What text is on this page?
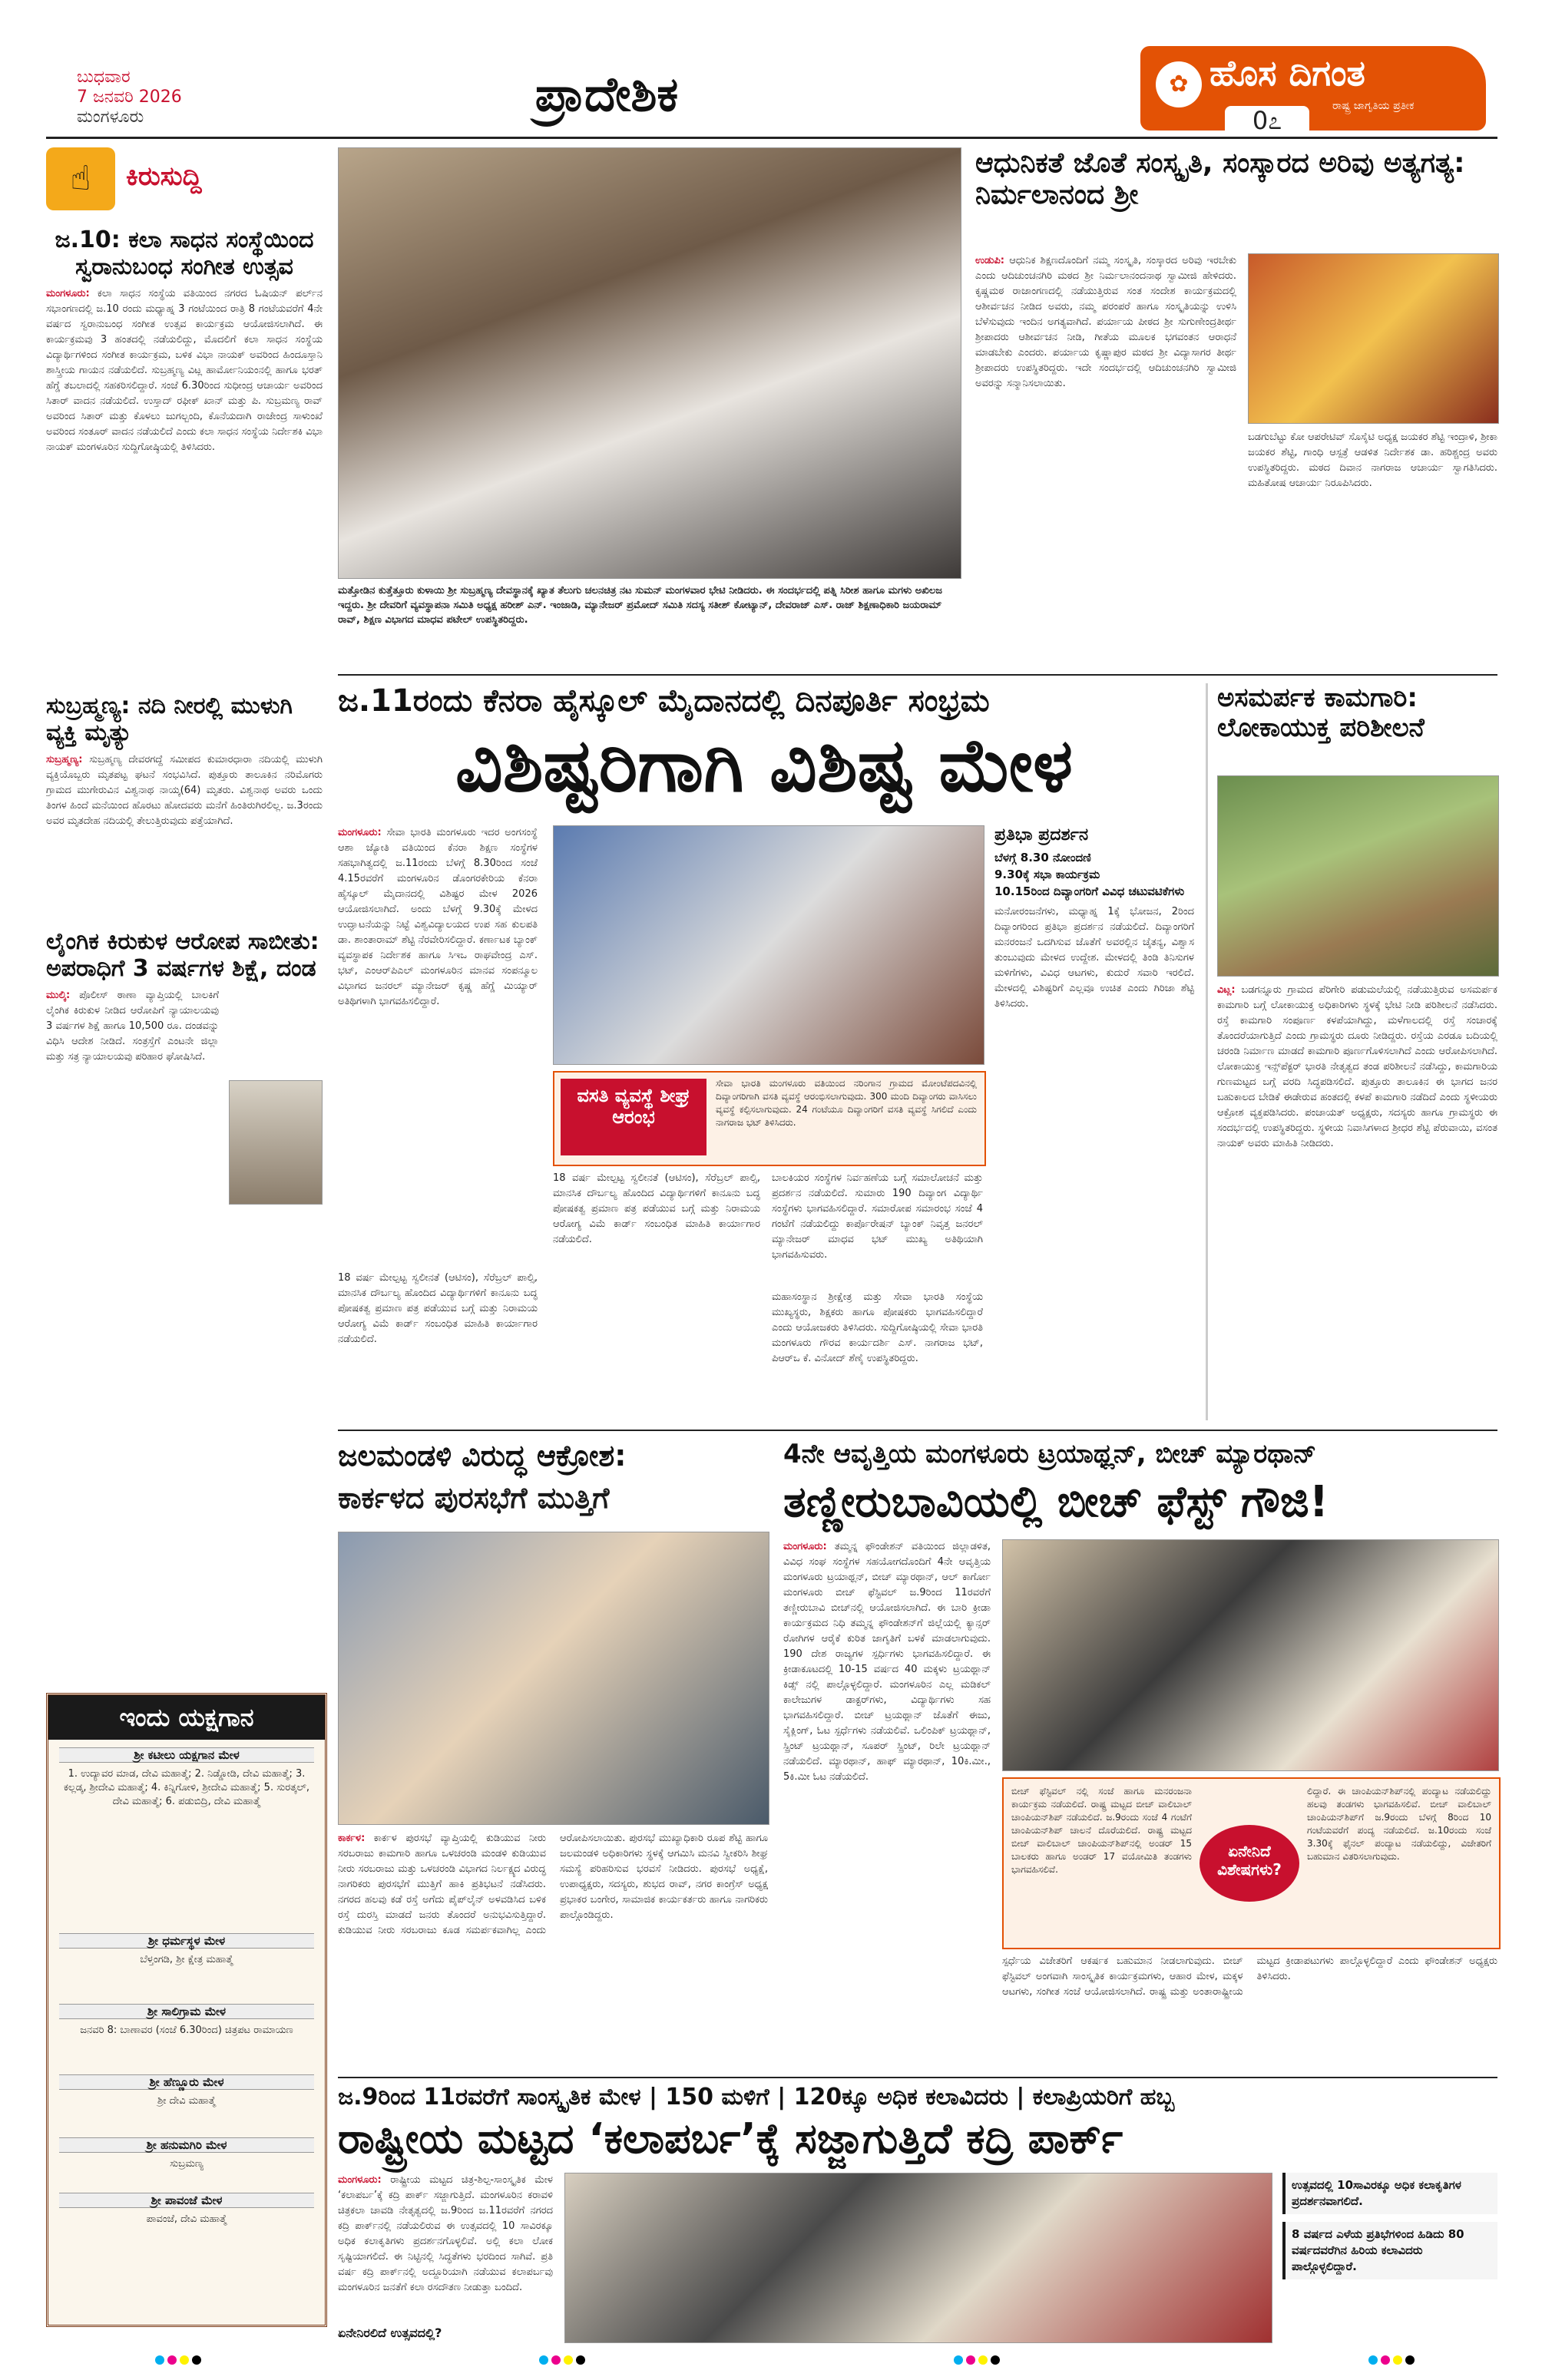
ಬುಧವಾರ
7 ಜನವರಿ 2026
ಮಂಗಳೂರು	ಪ್ರಾದೇಶಿಕ	✿ ಹೊಸ ದಿಗಂತ
ರಾಷ್ಟ್ರ ಜಾಗೃತಿಯ ಪ್ರತೀಕ
0೭
☝	ಕಿರುಸುದ್ದಿ
ಜ.10: ಕಲಾ ಸಾಧನ ಸಂಸ್ಥೆಯಿಂದ ಸ್ವರಾನುಬಂಧ ಸಂಗೀತ ಉತ್ಸವ
ಮಂಗಳೂರು: ಕಲಾ ಸಾಧನ ಸಂಸ್ಥೆಯ ವತಿಯಿಂದ ನಗರದ ಓಷಿಯನ್ ಪರ್ಲ್‌ನ ಸಭಾಂಗಣದಲ್ಲಿ ಜ.10 ರಂದು ಮಧ್ಯಾಹ್ನ 3 ಗಂಟೆಯಿಂದ ರಾತ್ರಿ 8 ಗಂಟೆಯವರೆಗೆ 4ನೇ ವರ್ಷದ ಸ್ವರಾನುಬಂಧ ಸಂಗೀತ ಉತ್ಸವ ಕಾರ್ಯಕ್ರಮ ಆಯೋಜಿಸಲಾಗಿದೆ. ಈ ಕಾರ್ಯಕ್ರಮವು 3 ಹಂತದಲ್ಲಿ ನಡೆಯಲಿದ್ದು, ಮೊದಲಿಗೆ ಕಲಾ ಸಾಧನ ಸಂಸ್ಥೆಯ ವಿದ್ಯಾರ್ಥಿಗಳಿಂದ ಸಂಗೀತ ಕಾರ್ಯಕ್ರಮ, ಬಳಿಕ ವಿಭಾ ನಾಯಕ್ ಅವರಿಂದ ಹಿಂದೂಸ್ತಾನಿ ಶಾಸ್ತ್ರೀಯ ಗಾಯನ ನಡೆಯಲಿದೆ. ಸುಬ್ರಹ್ಮಣ್ಯ ವಿಟ್ಲ ಹಾರ್ಮೋನಿಯಂನಲ್ಲಿ ಹಾಗೂ ಭರತ್ ಹೆಗ್ಡೆ ತಬಲಾದಲ್ಲಿ ಸಹಕರಿಸಲಿದ್ದಾರೆ. ಸಂಜೆ 6.30ರಿಂದ ಸುಧೀಂದ್ರ ಆಚಾರ್ಯ ಅವರಿಂದ ಸಿತಾರ್ ವಾದನ ನಡೆಯಲಿದೆ. ಉಸ್ತಾದ್ ರಫೀಕ್ ಖಾನ್ ಮತ್ತು ಪಿ. ಸುಬ್ರಮಣ್ಯ ರಾವ್ ಅವರಿಂದ ಸಿತಾರ್ ಮತ್ತು ಕೊಳಲು ಜುಗಲ್ಬಂದಿ, ಕೊನೆಯದಾಗಿ ರಾಜೇಂದ್ರ ಸಾಳುಂಖೆ ಅವರಿಂದ ಸಂತೂರ್ ವಾದನ ನಡೆಯಲಿದೆ ಎಂದು ಕಲಾ ಸಾಧನ ಸಂಸ್ಥೆಯ ನಿರ್ದೇಶಕಿ ವಿಭಾ ನಾಯಕ್ ಮಂಗಳೂರಿನ ಸುದ್ದಿಗೋಷ್ಠಿಯಲ್ಲಿ ತಿಳಿಸಿದರು.
ಸುಬ್ರಹ್ಮಣ್ಯ: ನದಿ ನೀರಲ್ಲಿ ಮುಳುಗಿ ವ್ಯಕ್ತಿ ಮೃತ್ಯು
ಸುಬ್ರಹ್ಮಣ್ಯ: ಸುಬ್ರಹ್ಮಣ್ಯ ದೇವರಗದ್ದೆ ಸಮೀಪದ ಕುಮಾರಧಾರಾ ನದಿಯಲ್ಲಿ ಮುಳುಗಿ ವ್ಯಕ್ತಿಯೊಬ್ಬರು ಮೃತಪಟ್ಟ ಘಟನೆ ಸಂಭವಿಸಿದೆ. ಪುತ್ತೂರು ತಾಲೂಕಿನ ನರಿಮೊಗರು ಗ್ರಾಮದ ಮುಗೇರುವಿನ ವಿಶ್ವನಾಥ ನಾಯ್ಕ(64) ಮೃತರು. ವಿಶ್ವನಾಥ ಅವರು ಒಂದು ತಿಂಗಳ ಹಿಂದೆ ಮನೆಯಿಂದ ಹೊರಟು ಹೋದವರು ಮನೆಗೆ ಹಿಂತಿರುಗಿರಲಿಲ್ಲ. ಜ.3ರಂದು ಅವರ ಮೃತದೇಹ ನದಿಯಲ್ಲಿ ತೇಲುತ್ತಿರುವುದು ಪತ್ತೆಯಾಗಿದೆ.
ಲೈಂಗಿಕ ಕಿರುಕುಳ ಆರೋಪ ಸಾಬೀತು: ಅಪರಾಧಿಗೆ 3 ವರ್ಷಗಳ ಶಿಕ್ಷೆ, ದಂಡ
ಮುಲ್ಕಿ: ಪೊಲೀಸ್ ಠಾಣಾ ವ್ಯಾಪ್ತಿಯಲ್ಲಿ ಬಾಲಕಿಗೆ ಲೈಂಗಿಕ ಕಿರುಕುಳ ನೀಡಿದ ಆರೋಪಿಗೆ ನ್ಯಾಯಾಲಯವು 3 ವರ್ಷಗಳ ಶಿಕ್ಷೆ ಹಾಗೂ 10,500 ರೂ. ದಂಡವನ್ನು ವಿಧಿಸಿ ಆದೇಶ ನೀಡಿದೆ. ಸಂತ್ರಸ್ತೆಗೆ ಎಂಟನೇ ಜಿಲ್ಲಾ ಮತ್ತು ಸತ್ರ ನ್ಯಾಯಾಲಯವು ಪರಿಹಾರ ಘೋಷಿಸಿದೆ.
ಇಂದು ಯಕ್ಷಗಾನ
ಶ್ರೀ ಕಟೀಲು ಯಕ್ಷಗಾನ ಮೇಳ
1. ಉದ್ಯಾವರ ಮಾಡ, ದೇವಿ ಮಹಾತ್ಮೆ; 2. ನಿಡ್ಡೋಡಿ, ದೇವಿ ಮಹಾತ್ಮೆ; 3. ಕಲ್ಲಡ್ಕ, ಶ್ರೀದೇವಿ ಮಹಾತ್ಮೆ; 4. ಕಿನ್ನಿಗೋಳಿ, ಶ್ರೀದೇವಿ ಮಹಾತ್ಮೆ; 5. ಸುರತ್ಕಲ್, ದೇವಿ ಮಹಾತ್ಮೆ; 6. ಪಡುಬಿದ್ರಿ, ದೇವಿ ಮಹಾತ್ಮೆ
ಶ್ರೀ ಧರ್ಮಸ್ಥಳ ಮೇಳ
ಬೆಳ್ತಂಗಡಿ, ಶ್ರೀ ಕ್ಷೇತ್ರ ಮಹಾತ್ಮೆ
ಶ್ರೀ ಸಾಲಿಗ್ರಾಮ ಮೇಳ
ಜನವರಿ 8: ಬಾಣಾವರ (ಸಂಜೆ 6.30ರಿಂದ) ಚಿತ್ರಪಟ ರಾಮಾಯಣ
ಶ್ರೀ ಹೆಣ್ಣೂರು ಮೇಳ
ಶ್ರೀ ದೇವಿ ಮಹಾತ್ಮೆ
ಶ್ರೀ ಹನುಮಗಿರಿ ಮೇಳ
ಸುಬ್ರಮಣ್ಯ
ಶ್ರೀ ಪಾವಂಜೆ ಮೇಳ
ಪಾವಂಜೆ, ದೇವಿ ಮಹಾತ್ಮೆ
ಮತ್ತೋಡಿನ ಕುತ್ತೆತ್ತೂರು ಕುಳಾಯಿ ಶ್ರೀ ಸುಬ್ರಹ್ಮಣ್ಯ ದೇವಸ್ಥಾನಕ್ಕೆ ಖ್ಯಾತ ತೆಲುಗು ಚಲನಚಿತ್ರ ನಟ ಸುಮನ್ ಮಂಗಳವಾರ ಭೇಟಿ ನೀಡಿದರು. ಈ ಸಂದರ್ಭದಲ್ಲಿ ಪತ್ನಿ ಸಿರೀಶ ಹಾಗೂ ಮಗಳು ಅಖಿಲಜ ಇದ್ದರು. ಶ್ರೀ ದೇವರಿಗೆ ವ್ಯವಸ್ಥಾಪನಾ ಸಮಿತಿ ಅಧ್ಯಕ್ಷ ಹರೀಶ್ ಎನ್. ಇಂಜಾಡಿ, ಮ್ಯಾನೇಜರ್ ಪ್ರಮೋದ್ ಸಮಿತಿ ಸದಸ್ಯ ಸತೀಶ್ ಕೋಟ್ಯಾನ್, ದೇವರಾಜ್ ಎಸ್. ರಾಜ್ ಶಿಕ್ಷಣಾಧಿಕಾರಿ ಜಯರಾಮ್ ರಾವ್, ಶಿಕ್ಷಣ ವಿಭಾಗದ ಮಾಧವ ಪಟೇಲ್ ಉಪಸ್ಥಿತರಿದ್ದರು.
ಆಧುನಿಕತೆ ಜೊತೆ ಸಂಸ್ಕೃತಿ, ಸಂಸ್ಕಾರದ ಅರಿವು ಅತ್ಯಗತ್ಯ: ನಿರ್ಮಲಾನಂದ ಶ್ರೀ
ಉಡುಪಿ: ಆಧುನಿಕ ಶಿಕ್ಷಣದೊಂದಿಗೆ ನಮ್ಮ ಸಂಸ್ಕೃತಿ, ಸಂಸ್ಕಾರದ ಅರಿವು ಇರಬೇಕು ಎಂದು ಆದಿಚುಂಚನಗಿರಿ ಮಠದ ಶ್ರೀ ನಿರ್ಮಲಾನಂದನಾಥ ಸ್ವಾಮೀಜಿ ಹೇಳಿದರು. ಕೃಷ್ಣಮಠ ರಾಜಾಂಗಣದಲ್ಲಿ ನಡೆಯುತ್ತಿರುವ ಸಂತ ಸಂದೇಶ ಕಾರ್ಯಕ್ರಮದಲ್ಲಿ ಆಶೀರ್ವಚನ ನೀಡಿದ ಅವರು, ನಮ್ಮ ಪರಂಪರೆ ಹಾಗೂ ಸಂಸ್ಕೃತಿಯನ್ನು ಉಳಿಸಿ ಬೆಳೆಸುವುದು ಇಂದಿನ ಅಗತ್ಯವಾಗಿದೆ. ಪರ್ಯಾಯ ಪೀಠದ ಶ್ರೀ ಸುಗುಣೇಂದ್ರತೀರ್ಥ ಶ್ರೀಪಾದರು ಆಶೀರ್ವಚನ ನೀಡಿ, ಗೀತೆಯ ಮೂಲಕ ಭಗವಂತನ ಆರಾಧನೆ ಮಾಡಬೇಕು ಎಂದರು. ಪರ್ಯಾಯ ಕೃಷ್ಣಾಪುರ ಮಠದ ಶ್ರೀ ವಿದ್ಯಾಸಾಗರ ತೀರ್ಥ ಶ್ರೀಪಾದರು ಉಪಸ್ಥಿತರಿದ್ದರು. ಇದೇ ಸಂದರ್ಭದಲ್ಲಿ ಆದಿಚುಂಚನಗಿರಿ ಸ್ವಾಮೀಜಿ ಅವರನ್ನು ಸನ್ಮಾನಿಸಲಾಯಿತು.
ಬಡಗುಬೆಟ್ಟು ಕೋ ಆಪರೇಟಿವ್ ಸೊಸೈಟಿ ಅಧ್ಯಕ್ಷ ಜಯಕರ ಶೆಟ್ಟಿ ಇಂದ್ರಾಳಿ, ಶ್ರೀಕಾ ಜಯಕರ ಶೆಟ್ಟಿ, ಗಾಂಧಿ ಆಸ್ಪತ್ರೆ ಆಡಳಿತ ನಿರ್ದೇಶಕ ಡಾ. ಹರಿಶ್ಚಂದ್ರ ಅವರು ಉಪಸ್ಥಿತರಿದ್ದರು. ಮಠದ ದಿವಾನ ನಾಗರಾಜ ಆಚಾರ್ಯ ಸ್ವಾಗತಿಸಿದರು. ಮಹಿತೋಷ ಆಚಾರ್ಯ ನಿರೂಪಿಸಿದರು.
ಜ.11ರಂದು ಕೆನರಾ ಹೈಸ್ಕೂಲ್ ಮೈದಾನದಲ್ಲಿ ದಿನಪೂರ್ತಿ ಸಂಭ್ರಮ
ವಿಶಿಷ್ಟರಿಗಾಗಿ ವಿಶಿಷ್ಟ ಮೇಳ
ಮಂಗಳೂರು: ಸೇವಾ ಭಾರತಿ ಮಂಗಳೂರು ಇದರ ಅಂಗಸಂಸ್ಥೆ ಆಶಾ ಜ್ಯೋತಿ ವತಿಯಿಂದ ಕೆನರಾ ಶಿಕ್ಷಣ ಸಂಸ್ಥೆಗಳ ಸಹಭಾಗಿತ್ವದಲ್ಲಿ ಜ.11ರಂದು ಬೆಳಗ್ಗೆ 8.30ರಿಂದ ಸಂಜೆ 4.15ರವರೆಗೆ ಮಂಗಳೂರಿನ ಡೊಂಗರಕೇರಿಯ ಕೆನರಾ ಹೈಸ್ಕೂಲ್ ಮೈದಾನದಲ್ಲಿ ವಿಶಿಷ್ಟರ ಮೇಳ 2026 ಆಯೋಜಿಸಲಾಗಿದೆ. ಅಂದು ಬೆಳಗ್ಗೆ 9.30ಕ್ಕೆ ಮೇಳದ ಉದ್ಘಾಟನೆಯನ್ನು ನಿಟ್ಟೆ ವಿಶ್ವವಿದ್ಯಾಲಯದ ಉಪ ಸಹ ಕುಲಪತಿ ಡಾ. ಶಾಂತಾರಾಮ್ ಶೆಟ್ಟಿ ನೆರವೇರಿಸಲಿದ್ದಾರೆ. ಕರ್ಣಾಟಕ ಬ್ಯಾಂಕ್ ವ್ಯವಸ್ಥಾಪಕ ನಿರ್ದೇಶಕ ಹಾಗೂ ಸಿಇಒ ರಾಘವೇಂದ್ರ ಎಸ್. ಭಟ್, ಎಂಆರ್‌ಪಿಎಲ್ ಮಂಗಳೂರಿನ ಮಾನವ ಸಂಪನ್ಮೂಲ ವಿಭಾಗದ ಜನರಲ್ ಮ್ಯಾನೇಜರ್ ಕೃಷ್ಣ ಹೆಗ್ಡೆ ಮಿಯ್ಯಾರ್ ಅತಿಥಿಗಳಾಗಿ ಭಾಗವಹಿಸಲಿದ್ದಾರೆ.
ವಸತಿ ವ್ಯವಸ್ಥೆ ಶೀಘ್ರ ಆರಂಭ
ಸೇವಾ ಭಾರತಿ ಮಂಗಳೂರು ವತಿಯಿಂದ ನರಿಂಗಾನ ಗ್ರಾಮದ ಮೋಂಟೆಪದವಿನಲ್ಲಿ ದಿವ್ಯಾಂಗರಿಗಾಗಿ ವಸತಿ ವ್ಯವಸ್ಥೆ ಆರಂಭಿಸಲಾಗುವುದು. 300 ಮಂದಿ ದಿವ್ಯಾಂಗರು ವಾಸಿಸಲು ವ್ಯವಸ್ಥೆ ಕಲ್ಪಿಸಲಾಗುವುದು. 24 ಗಂಟೆಯೂ ದಿವ್ಯಾಂಗರಿಗೆ ವಸತಿ ವ್ಯವಸ್ಥೆ ಸಿಗಲಿದೆ ಎಂದು ನಾಗರಾಜ ಭಟ್ ತಿಳಿಸಿದರು.
18 ವರ್ಷ ಮೇಲ್ಪಟ್ಟ ಸ್ವಲೀನತೆ (ಆಟಿಸಂ), ಸೆರೆಬ್ರಲ್ ಪಾಲ್ಸಿ, ಮಾನಸಿಕ ದೌರ್ಬಲ್ಯ ಹೊಂದಿದ ವಿದ್ಯಾರ್ಥಿಗಳಿಗೆ ಕಾನೂನು ಬದ್ಧ ಪೋಷಕತ್ವ ಪ್ರಮಾಣ ಪತ್ರ ಪಡೆಯುವ ಬಗ್ಗೆ ಮತ್ತು ನಿರಾಮಯ ಆರೋಗ್ಯ ವಿಮೆ ಕಾರ್ಡ್ ಸಂಬಂಧಿತ ಮಾಹಿತಿ ಕಾರ್ಯಾಗಾರ ನಡೆಯಲಿದೆ.
ಬಾಲಕಿಯರ ಸಂಸ್ಥೆಗಳ ನಿರ್ವಹಣೆಯ ಬಗ್ಗೆ ಸಮಾಲೋಚನೆ ಮತ್ತು ಪ್ರದರ್ಶನ ನಡೆಯಲಿದೆ. ಸುಮಾರು 190 ದಿವ್ಯಾಂಗ ವಿದ್ಯಾರ್ಥಿ ಸಂಸ್ಥೆಗಳು ಭಾಗವಹಿಸಲಿದ್ದಾರೆ. ಸಮಾರೋಪ ಸಮಾರಂಭ ಸಂಜೆ 4 ಗಂಟೆಗೆ ನಡೆಯಲಿದ್ದು ಕಾರ್ಪೊರೇಷನ್ ಬ್ಯಾಂಕ್ ನಿವೃತ್ತ ಜನರಲ್ ಮ್ಯಾನೇಜರ್ ಮಾಧವ ಭಟ್ ಮುಖ್ಯ ಅತಿಥಿಯಾಗಿ ಭಾಗವಹಿಸುವರು.
ಮಹಾಸಂಸ್ಥಾನ ಶ್ರೀಕ್ಷೇತ್ರ ಮತ್ತು ಸೇವಾ ಭಾರತಿ ಸಂಸ್ಥೆಯ ಮುಖ್ಯಸ್ಥರು, ಶಿಕ್ಷಕರು ಹಾಗೂ ಪೋಷಕರು ಭಾಗವಹಿಸಲಿದ್ದಾರೆ ಎಂದು ಆಯೋಜಕರು ತಿಳಿಸಿದರು. ಸುದ್ದಿಗೋಷ್ಠಿಯಲ್ಲಿ ಸೇವಾ ಭಾರತಿ ಮಂಗಳೂರು ಗೌರವ ಕಾರ್ಯದರ್ಶಿ ಎಸ್. ನಾಗರಾಜ ಭಟ್, ಪಿಆರ್‌ಒ ಕೆ. ವಿನೋದ್ ಶೆಣೈ ಉಪಸ್ಥಿತರಿದ್ದರು.
18 ವರ್ಷ ಮೇಲ್ಪಟ್ಟ ಸ್ವಲೀನತೆ (ಆಟಿಸಂ), ಸೆರೆಬ್ರಲ್ ಪಾಲ್ಸಿ, ಮಾನಸಿಕ ದೌರ್ಬಲ್ಯ ಹೊಂದಿದ ವಿದ್ಯಾರ್ಥಿಗಳಿಗೆ ಕಾನೂನು ಬದ್ಧ ಪೋಷಕತ್ವ ಪ್ರಮಾಣ ಪತ್ರ ಪಡೆಯುವ ಬಗ್ಗೆ ಮತ್ತು ನಿರಾಮಯ ಆರೋಗ್ಯ ವಿಮೆ ಕಾರ್ಡ್ ಸಂಬಂಧಿತ ಮಾಹಿತಿ ಕಾರ್ಯಾಗಾರ ನಡೆಯಲಿದೆ.
ಪ್ರತಿಭಾ ಪ್ರದರ್ಶನ
ಬೆಳಗ್ಗೆ 8.30 ನೋಂದಣಿ
9.30ಕ್ಕೆ ಸಭಾ ಕಾರ್ಯಕ್ರಮ
10.15ರಿಂದ ದಿವ್ಯಾಂಗರಿಗೆ ವಿವಿಧ ಚಟುವಟಿಕೆಗಳು
ಮನೋರಂಜನೆಗಳು, ಮಧ್ಯಾಹ್ನ 1ಕ್ಕೆ ಭೋಜನ, 2ರಿಂದ ದಿವ್ಯಾಂಗರಿಂದ ಪ್ರತಿಭಾ ಪ್ರದರ್ಶನ ನಡೆಯಲಿದೆ. ದಿವ್ಯಾಂಗರಿಗೆ ಮನರಂಜನೆ ಒದಗಿಸುವ ಜೊತೆಗೆ ಅವರಲ್ಲಿನ ಚೈತನ್ಯ, ವಿಶ್ವಾಸ ತುಂಬುವುದು ಮೇಳದ ಉದ್ದೇಶ. ಮೇಳದಲ್ಲಿ ತಿಂಡಿ ತಿನಿಸುಗಳ ಮಳಿಗೆಗಳು, ವಿವಿಧ ಆಟಗಳು, ಕುದುರೆ ಸವಾರಿ ಇರಲಿದೆ. ಮೇಳದಲ್ಲಿ ವಿಶಿಷ್ಟರಿಗೆ ಎಲ್ಲವೂ ಉಚಿತ ಎಂದು ಗಿರಿಜಾ ಶೆಟ್ಟಿ ತಿಳಿಸಿದರು.
ಅಸಮರ್ಪಕ ಕಾಮಗಾರಿ: ಲೋಕಾಯುಕ್ತ ಪರಿಶೀಲನೆ
ವಿಟ್ಲ: ಬಡಗನ್ನೂರು ಗ್ರಾಮದ ಪೆರಿಗೇರಿ ಪಡುಮಲೆಯಲ್ಲಿ ನಡೆಯುತ್ತಿರುವ ಅಸಮರ್ಪಕ ಕಾಮಗಾರಿ ಬಗ್ಗೆ ಲೋಕಾಯುಕ್ತ ಅಧಿಕಾರಿಗಳು ಸ್ಥಳಕ್ಕೆ ಭೇಟಿ ನೀಡಿ ಪರಿಶೀಲನೆ ನಡೆಸಿದರು. ರಸ್ತೆ ಕಾಮಗಾರಿ ಸಂಪೂರ್ಣ ಕಳಪೆಯಾಗಿದ್ದು, ಮಳೆಗಾಲದಲ್ಲಿ ರಸ್ತೆ ಸಂಚಾರಕ್ಕೆ ತೊಂದರೆಯಾಗುತ್ತಿದೆ ಎಂದು ಗ್ರಾಮಸ್ಥರು ದೂರು ನೀಡಿದ್ದರು. ರಸ್ತೆಯ ಎರಡೂ ಬದಿಯಲ್ಲಿ ಚರಂಡಿ ನಿರ್ಮಾಣ ಮಾಡದೆ ಕಾಮಗಾರಿ ಪೂರ್ಣಗೊಳಿಸಲಾಗಿದೆ ಎಂದು ಆರೋಪಿಸಲಾಗಿದೆ. ಲೋಕಾಯುಕ್ತ ಇನ್ಸ್‌ಪೆಕ್ಟರ್ ಭಾರತಿ ನೇತೃತ್ವದ ತಂಡ ಪರಿಶೀಲನೆ ನಡೆಸಿದ್ದು, ಕಾಮಗಾರಿಯ ಗುಣಮಟ್ಟದ ಬಗ್ಗೆ ವರದಿ ಸಿದ್ಧಪಡಿಸಲಿದೆ. ಪುತ್ತೂರು ತಾಲೂಕಿನ ಈ ಭಾಗದ ಜನರ ಬಹುಕಾಲದ ಬೇಡಿಕೆ ಈಡೇರುವ ಹಂತದಲ್ಲಿ ಕಳಪೆ ಕಾಮಗಾರಿ ನಡೆದಿದೆ ಎಂದು ಸ್ಥಳೀಯರು ಆಕ್ರೋಶ ವ್ಯಕ್ತಪಡಿಸಿದರು. ಪಂಚಾಯತ್ ಅಧ್ಯಕ್ಷರು, ಸದಸ್ಯರು ಹಾಗೂ ಗ್ರಾಮಸ್ಥರು ಈ ಸಂದರ್ಭದಲ್ಲಿ ಉಪಸ್ಥಿತರಿದ್ದರು. ಸ್ಥಳೀಯ ನಿವಾಸಿಗಳಾದ ಶ್ರೀಧರ ಶೆಟ್ಟಿ ಪೆರುವಾಯಿ, ವಸಂತ ನಾಯಕ್ ಅವರು ಮಾಹಿತಿ ನೀಡಿದರು.
ಜಲಮಂಡಳಿ ವಿರುದ್ಧ ಆಕ್ರೋಶ:
ಕಾರ್ಕಳದ ಪುರಸಭೆಗೆ ಮುತ್ತಿಗೆ
ಕಾರ್ಕಳ: ಕಾರ್ಕಳ ಪುರಸಭೆ ವ್ಯಾಪ್ತಿಯಲ್ಲಿ ಕುಡಿಯುವ ನೀರು ಸರಬರಾಜು ಕಾಮಗಾರಿ ಹಾಗೂ ಒಳಚರಂಡಿ ಮಂಡಳಿ ಕುಡಿಯುವ ನೀರು ಸರಬರಾಜು ಮತ್ತು ಒಳಚರಂಡಿ ವಿಭಾಗದ ನಿರ್ಲಕ್ಷ್ಯದ ವಿರುದ್ಧ ನಾಗರಿಕರು ಪುರಸಭೆಗೆ ಮುತ್ತಿಗೆ ಹಾಕಿ ಪ್ರತಿಭಟನೆ ನಡೆಸಿದರು. ನಗರದ ಹಲವು ಕಡೆ ರಸ್ತೆ ಅಗೆದು ಪೈಪ್‌ಲೈನ್ ಅಳವಡಿಸಿದ ಬಳಿಕ ರಸ್ತೆ ದುರಸ್ತಿ ಮಾಡದೆ ಜನರು ತೊಂದರೆ ಅನುಭವಿಸುತ್ತಿದ್ದಾರೆ. ಕುಡಿಯುವ ನೀರು ಸರಬರಾಜು ಕೂಡ ಸಮರ್ಪಕವಾಗಿಲ್ಲ ಎಂದು ಆರೋಪಿಸಲಾಯಿತು. ಪುರಸಭೆ ಮುಖ್ಯಾಧಿಕಾರಿ ರೂಪ ಶೆಟ್ಟಿ ಹಾಗೂ ಜಲಮಂಡಳಿ ಅಧಿಕಾರಿಗಳು ಸ್ಥಳಕ್ಕೆ ಆಗಮಿಸಿ ಮನವಿ ಸ್ವೀಕರಿಸಿ ಶೀಘ್ರ ಸಮಸ್ಯೆ ಪರಿಹರಿಸುವ ಭರವಸೆ ನೀಡಿದರು. ಪುರಸಭೆ ಅಧ್ಯಕ್ಷೆ, ಉಪಾಧ್ಯಕ್ಷರು, ಸದಸ್ಯರು, ಶುಭದ ರಾವ್, ನಗರ ಕಾಂಗ್ರೆಸ್ ಅಧ್ಯಕ್ಷ ಪ್ರಭಾಕರ ಬಂಗೇರ, ಸಾಮಾಜಿಕ ಕಾರ್ಯಕರ್ತರು ಹಾಗೂ ನಾಗರಿಕರು ಪಾಲ್ಗೊಂಡಿದ್ದರು.
4ನೇ ಆವೃತ್ತಿಯ ಮಂಗಳೂರು ಟ್ರಯಾಥ್ಲನ್, ಬೀಚ್ ಮ್ಯಾರಥಾನ್
ತಣ್ಣೀರುಬಾವಿಯಲ್ಲಿ ಬೀಚ್ ಫೆಸ್ಟ್ ಗೌಜಿ!
ಮಂಗಳೂರು: ತಮ್ಮನ್ನ ಫೌಂಡೇಶನ್ ವತಿಯಿಂದ ಜಿಲ್ಲಾಡಳಿತ, ವಿವಿಧ ಸಂಘ ಸಂಸ್ಥೆಗಳ ಸಹಯೋಗದೊಂದಿಗೆ 4ನೇ ಆವೃತ್ತಿಯ ಮಂಗಳೂರು ಟ್ರಯಾಥ್ಲನ್, ಬೀಚ್ ಮ್ಯಾರಥಾನ್, ಆಲ್ ಕಾರ್ಗೋ ಮಂಗಳೂರು ಬೀಚ್ ಫೆಸ್ಟಿವಲ್ ಜ.9ರಿಂದ 11ರವರೆಗೆ ತಣ್ಣೀರುಬಾವಿ ಬೀಚ್‌ನಲ್ಲಿ ಆಯೋಜಿಸಲಾಗಿದೆ. ಈ ಬಾರಿ ಕ್ರೀಡಾ ಕಾರ್ಯಕ್ರಮದ ನಿಧಿ ತಮ್ಮನ್ನ ಫೌಂಡೇಶನ್‌ಗೆ ಜಿಲ್ಲೆಯಲ್ಲಿ ಕ್ಯಾನ್ಸರ್ ರೋಗಿಗಳ ಆರೈಕೆ ಕುರಿತ ಜಾಗೃತಿಗೆ ಬಳಕೆ ಮಾಡಲಾಗುವುದು. 190 ದೇಶ ರಾಜ್ಯಗಳ ಸ್ಪರ್ಧಿಗಳು ಭಾಗವಹಿಸಲಿದ್ದಾರೆ. ಈ ಕ್ರೀಡಾಕೂಟದಲ್ಲಿ 10-15 ವರ್ಷದ 40 ಮಕ್ಕಳು ಟ್ರಯಥ್ಲಾನ್ ಕಿಡ್ಸ್ ನಲ್ಲಿ ಪಾಲ್ಗೊಳ್ಳಲಿದ್ದಾರೆ. ಮಂಗಳೂರಿನ ಎಲ್ಲ ಮಡಿಕಲ್ ಕಾಲೇಜುಗಳ ಡಾಕ್ಟರ್‌ಗಳು, ವಿದ್ಯಾರ್ಥಿಗಳು ಸಹ ಭಾಗವಹಿಸಲಿದ್ದಾರೆ. ಬೀಚ್ ಟ್ರಯಥ್ಲಾನ್ ಜೊತೆಗೆ ಈಜು, ಸೈಕ್ಲಿಂಗ್, ಓಟ ಸ್ಪರ್ಧೆಗಳು ನಡೆಯಲಿವೆ. ಒಲಿಂಪಿಕ್ ಟ್ರಯಥ್ಲಾನ್, ಸ್ಪ್ರಿಂಟ್ ಟ್ರಯಥ್ಲಾನ್, ಸೂಪರ್ ಸ್ಪ್ರಿಂಟ್, ರಿಲೇ ಟ್ರಯಥ್ಲಾನ್ ನಡೆಯಲಿದೆ. ಮ್ಯಾರಥಾನ್, ಹಾಫ್ ಮ್ಯಾರಥಾನ್, 10ಕಿ.ಮೀ., 5ಕಿ.ಮೀ ಓಟ ನಡೆಯಲಿದೆ.
ಬೀಚ್ ಫೆಸ್ಟಿವಲ್ ನಲ್ಲಿ ಸಂಜೆ ಹಾಗೂ ಮನರಂಜನಾ ಕಾರ್ಯಕ್ರಮ ನಡೆಯಲಿದೆ. ರಾಷ್ಟ್ರ ಮಟ್ಟದ ಬೀಚ್ ವಾಲಿಬಾಲ್ ಚಾಂಪಿಯನ್‌ಶಿಪ್ ನಡೆಯಲಿದೆ. ಜ.9ರಂದು ಸಂಜೆ 4 ಗಂಟೆಗೆ ಚಾಂಪಿಯನ್‌ಶಿಪ್ ಚಾಲನೆ ದೊರೆಯಲಿದೆ. ರಾಷ್ಟ್ರ ಮಟ್ಟದ ಬೀಚ್ ವಾಲಿಬಾಲ್ ಚಾಂಪಿಯನ್‌ಶಿಪ್‌ನಲ್ಲಿ ಅಂಡರ್ 15 ಬಾಲಕರು ಹಾಗೂ ಅಂಡರ್ 17 ವಯೋಮಿತಿ ತಂಡಗಳು ಭಾಗವಹಿಸಲಿವೆ.
ಏನೇನಿದೆ ವಿಶೇಷಗಳು?
ಲಿದ್ದಾರೆ. ಈ ಚಾಂಪಿಯನ್‌ಶಿಪ್‌ನಲ್ಲಿ ಪಂದ್ಯಾಟ ನಡೆಯಲಿದ್ದು ಹಲವು ತಂಡಗಳು ಭಾಗವಹಿಸಲಿವೆ. ಬೀಚ್ ವಾಲಿಬಾಲ್ ಚಾಂಪಿಯನ್‌ಶಿಪ್‌ಗೆ ಜ.9ರಂದು ಬೆಳಗ್ಗೆ 8ರಿಂದ 10 ಗಂಟೆಯವರೆಗೆ ಪಂದ್ಯ ನಡೆಯಲಿದೆ. ಜ.10ರಂದು ಸಂಜೆ 3.30ಕ್ಕೆ ಫೈನಲ್ ಪಂದ್ಯಾಟ ನಡೆಯಲಿದ್ದು, ವಿಜೇತರಿಗೆ ಬಹುಮಾನ ವಿತರಿಸಲಾಗುವುದು.
ಸ್ಪರ್ಧೆಯ ವಿಜೇತರಿಗೆ ಆಕರ್ಷಕ ಬಹುಮಾನ ನೀಡಲಾಗುವುದು. ಬೀಚ್ ಫೆಸ್ಟಿವಲ್ ಅಂಗವಾಗಿ ಸಾಂಸ್ಕೃತಿಕ ಕಾರ್ಯಕ್ರಮಗಳು, ಆಹಾರ ಮೇಳ, ಮಕ್ಕಳ ಆಟಗಳು, ಸಂಗೀತ ಸಂಜೆ ಆಯೋಜಿಸಲಾಗಿದೆ. ರಾಷ್ಟ್ರ ಮತ್ತು ಅಂತಾರಾಷ್ಟ್ರೀಯ ಮಟ್ಟದ ಕ್ರೀಡಾಪಟುಗಳು ಪಾಲ್ಗೊಳ್ಳಲಿದ್ದಾರೆ ಎಂದು ಫೌಂಡೇಶನ್ ಅಧ್ಯಕ್ಷರು ತಿಳಿಸಿದರು.
ಜ.9ರಿಂದ 11ರವರೆಗೆ ಸಾಂಸ್ಕೃತಿಕ ಮೇಳ | 150 ಮಳಿಗೆ | 120ಕ್ಕೂ ಅಧಿಕ ಕಲಾವಿದರು | ಕಲಾಪ್ರಿಯರಿಗೆ ಹಬ್ಬ
ರಾಷ್ಟ್ರೀಯ ಮಟ್ಟದ ‘ಕಲಾಪರ್ಬ’ಕ್ಕೆ ಸಜ್ಜಾಗುತ್ತಿದೆ ಕದ್ರಿ ಪಾರ್ಕ್
ಮಂಗಳೂರು: ರಾಷ್ಟ್ರೀಯ ಮಟ್ಟದ ಚಿತ್ರ-ಶಿಲ್ಪ-ಸಾಂಸ್ಕೃತಿಕ ಮೇಳ ‘ಕಲಾಪರ್ಬ’ಕ್ಕೆ ಕದ್ರಿ ಪಾರ್ಕ್ ಸಜ್ಜಾಗುತ್ತಿದೆ. ಮಂಗಳೂರಿನ ಕರಾವಳಿ ಚಿತ್ರಕಲಾ ಚಾವಡಿ ನೇತೃತ್ವದಲ್ಲಿ ಜ.9ರಿಂದ ಜ.11ರವರೆಗೆ ನಗರದ ಕದ್ರಿ ಪಾರ್ಕ್‌ನಲ್ಲಿ ನಡೆಯಲಿರುವ ಈ ಉತ್ಸವದಲ್ಲಿ 10 ಸಾವಿರಕ್ಕೂ ಅಧಿಕ ಕಲಾಕೃತಿಗಳು ಪ್ರದರ್ಶನಗೊಳ್ಳಲಿವೆ. ಅಲ್ಲಿ ಕಲಾ ಲೋಕ ಸೃಷ್ಟಿಯಾಗಲಿದೆ. ಈ ನಿಟ್ಟಿನಲ್ಲಿ ಸಿದ್ಧತೆಗಳು ಭರದಿಂದ ಸಾಗಿವೆ. ಪ್ರತಿ ವರ್ಷ ಕದ್ರಿ ಪಾರ್ಕ್‌ನಲ್ಲಿ ಅದ್ದೂರಿಯಾಗಿ ನಡೆಯುವ ಕಲಾಪರ್ಬವು ಮಂಗಳೂರಿನ ಜನತೆಗೆ ಕಲಾ ರಸದೌತಣ ನೀಡುತ್ತಾ ಬಂದಿದೆ.
ಏನೇನಿರಲಿದೆ ಉತ್ಸವದಲ್ಲಿ?
ಉತ್ಸವದಲ್ಲಿ 10ಸಾವಿರಕ್ಕೂ ಅಧಿಕ ಕಲಾಕೃತಿಗಳ ಪ್ರದರ್ಶನವಾಗಲಿದೆ.
8 ವರ್ಷದ ಎಳೆಯ ಪ್ರತಿಭೆಗಳಿಂದ ಹಿಡಿದು 80 ವರ್ಷದವರೆಗಿನ ಹಿರಿಯ ಕಲಾವಿದರು ಪಾಲ್ಗೊಳ್ಳಲಿದ್ದಾರೆ.
